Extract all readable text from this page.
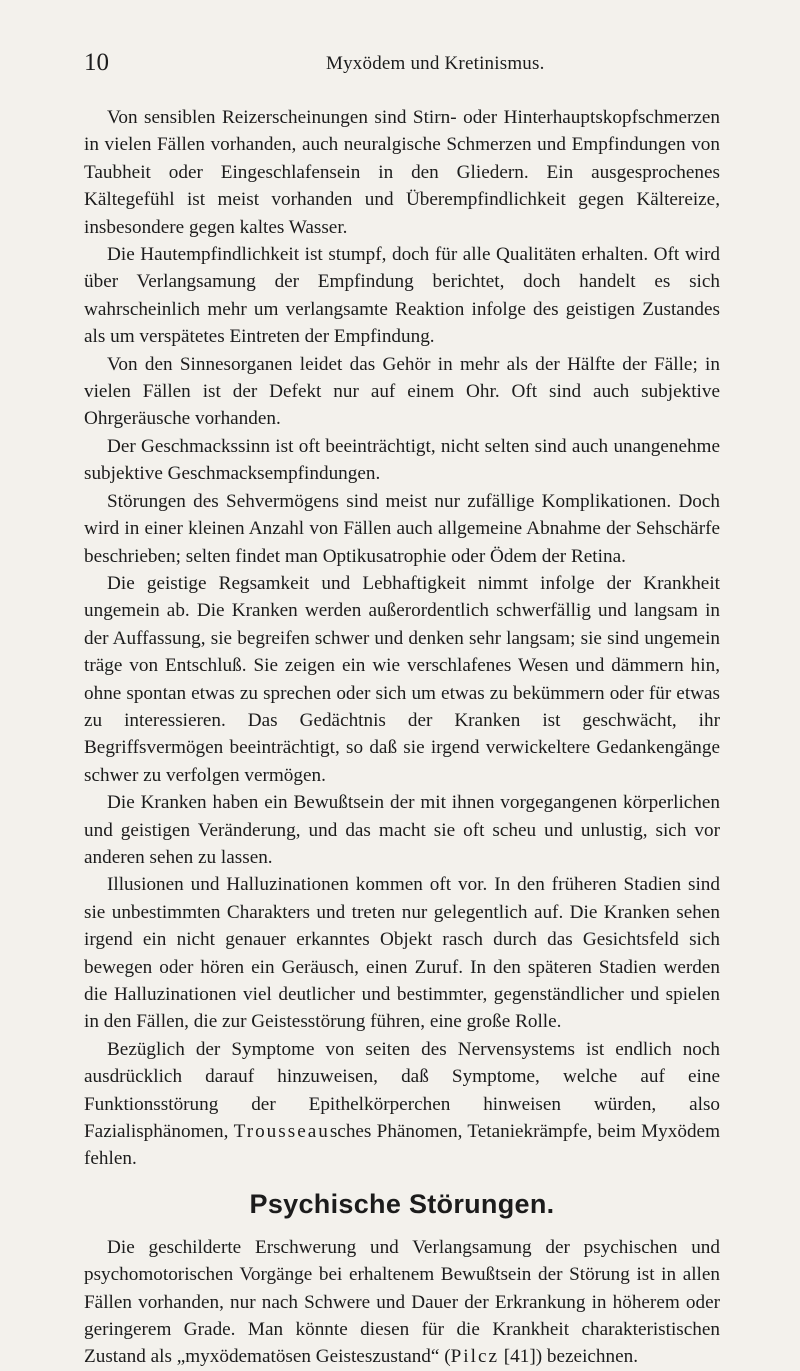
10	Myxödem und Kretinismus.

Von sensiblen Reizerscheinungen sind Stirn- oder Hinterhauptskopfschmerzen in vielen Fällen vorhanden, auch neuralgische Schmerzen und Empfindungen von Taubheit oder Eingeschlafensein in den Gliedern. Ein ausgesprochenes Kältegefühl ist meist vorhanden und Überempfindlichkeit gegen Kältereize, insbesondere gegen kaltes Wasser.

Die Hautempfindlichkeit ist stumpf, doch für alle Qualitäten erhalten. Oft wird über Verlangsamung der Empfindung berichtet, doch handelt es sich wahrscheinlich mehr um verlangsamte Reaktion infolge des geistigen Zustandes als um verspätetes Eintreten der Empfindung.

Von den Sinnesorganen leidet das Gehör in mehr als der Hälfte der Fälle; in vielen Fällen ist der Defekt nur auf einem Ohr. Oft sind auch subjektive Ohrgeräusche vorhanden.

Der Geschmackssinn ist oft beeinträchtigt, nicht selten sind auch unangenehme subjektive Geschmacksempfindungen.

Störungen des Sehvermögens sind meist nur zufällige Komplikationen. Doch wird in einer kleinen Anzahl von Fällen auch allgemeine Abnahme der Sehschärfe beschrieben; selten findet man Optikusatrophie oder Ödem der Retina.

Die geistige Regsamkeit und Lebhaftigkeit nimmt infolge der Krankheit ungemein ab. Die Kranken werden außerordentlich schwerfällig und langsam in der Auffassung, sie begreifen schwer und denken sehr langsam; sie sind ungemein träge von Entschluß. Sie zeigen ein wie verschlafenes Wesen und dämmern hin, ohne spontan etwas zu sprechen oder sich um etwas zu bekümmern oder für etwas zu interessieren. Das Gedächtnis der Kranken ist geschwächt, ihr Begriffsvermögen beeinträchtigt, so daß sie irgend verwickeltere Gedankengänge schwer zu verfolgen vermögen.

Die Kranken haben ein Bewußtsein der mit ihnen vorgegangenen körperlichen und geistigen Veränderung, und das macht sie oft scheu und unlustig, sich vor anderen sehen zu lassen.

Illusionen und Halluzinationen kommen oft vor. In den früheren Stadien sind sie unbestimmten Charakters und treten nur gelegentlich auf. Die Kranken sehen irgend ein nicht genauer erkanntes Objekt rasch durch das Gesichtsfeld sich bewegen oder hören ein Geräusch, einen Zuruf. In den späteren Stadien werden die Halluzinationen viel deutlicher und bestimmter, gegenständlicher und spielen in den Fällen, die zur Geistesstörung führen, eine große Rolle.

Bezüglich der Symptome von seiten des Nervensystems ist endlich noch ausdrücklich darauf hinzuweisen, daß Symptome, welche auf eine Funktionsstörung der Epithelkörperchen hinweisen würden, also Fazialisphänomen, Trousseausches Phänomen, Tetaniekrämpfe, beim Myxödem fehlen.

Psychische Störungen.

Die geschilderte Erschwerung und Verlangsamung der psychischen und psychomotorischen Vorgänge bei erhaltenem Bewußtsein der Störung ist in allen Fällen vorhanden, nur nach Schwere und Dauer der Erkrankung in höherem oder geringerem Grade. Man könnte diesen für die Krankheit charakteristischen Zustand als „myxödematösen Geisteszustand“ (Pilcz [41]) bezeichnen.
